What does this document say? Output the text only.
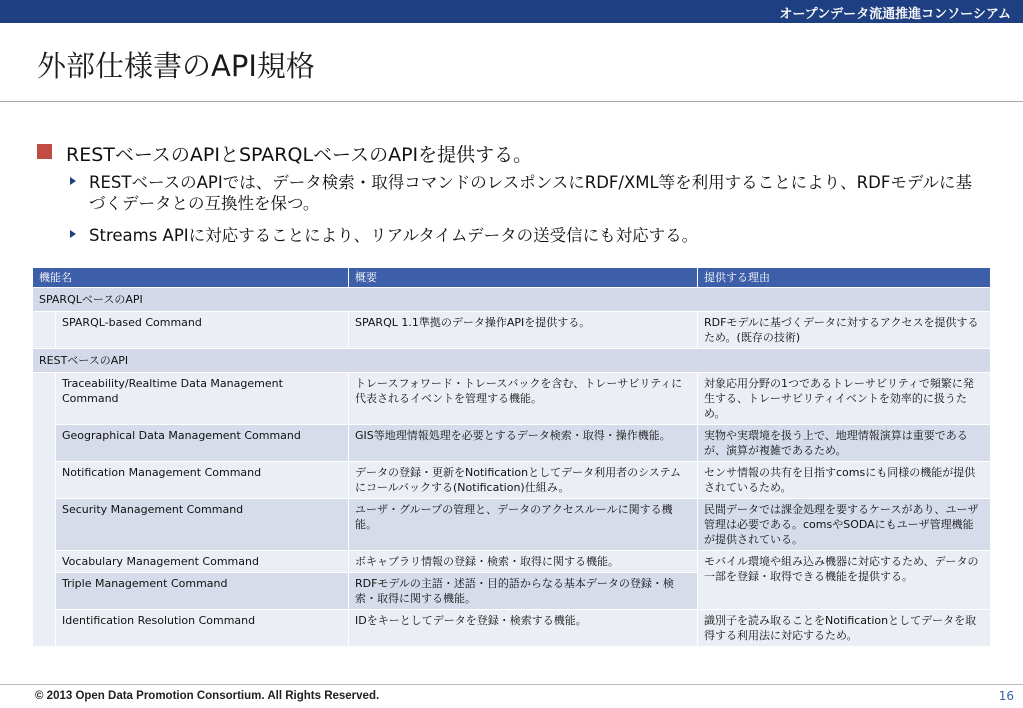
オープンデータ流通推進コンソーシアム
外部仕様書のAPI規格
RESTベースのAPIとSPARQLベースのAPIを提供する。
RESTベースのAPIでは、データ検索・取得コマンドのレスポンスにRDF/XML等を利用することにより、RDFモデルに基づくデータとの互換性を保つ。
Streams APIに対応することにより、リアルタイムデータの送受信にも対応する。
機能名		概要	提供する理由
SPARQLベースのAPI			
	SPARQL-based Command	SPARQL 1.1準拠のデータ操作APIを提供する。	RDFモデルに基づくデータに対するアクセスを提供するため。(既存の技術)
RESTベースのAPI			
	Traceability/Realtime Data Management Command	トレースフォワード・トレースバックを含む、トレーサビリティに代表されるイベントを管理する機能。	対象応用分野の1つであるトレーサビリティで頻繁に発生する、トレーサビリティイベントを効率的に扱うため。
	Geographical Data Management Command	GIS等地理情報処理を必要とするデータ検索・取得・操作機能。	実物や実環境を扱う上で、地理情報演算は重要であるが、演算が複雑であるため。
	Notification Management Command	データの登録・更新をNotificationとしてデータ利用者のシステムにコールバックする(Notification)仕組み。	センサ情報の共有を目指すcomsにも同様の機能が提供されているため。
	Security Management Command	ユーザ・グループの管理と、データのアクセスルールに関する機能。	民間データでは課金処理を要するケースがあり、ユーザ管理は必要である。comsやSODAにもユーザ管理機能が提供されている。
	Vocabulary Management Command	ボキャブラリ情報の登録・検索・取得に関する機能。	モバイル環境や組み込み機器に対応するため、データの一部を登録・取得できる機能を提供する。
	Triple Management Command	RDFモデルの主語・述語・目的語からなる基本データの登録・検索・取得に関する機能。	
	Identification Resolution Command	IDをキーとしてデータを登録・検索する機能。	識別子を読み取ることをNotificationとしてデータを取得する利用法に対応するため。
© 2013 Open Data Promotion Consortium. All Rights Reserved.	16
